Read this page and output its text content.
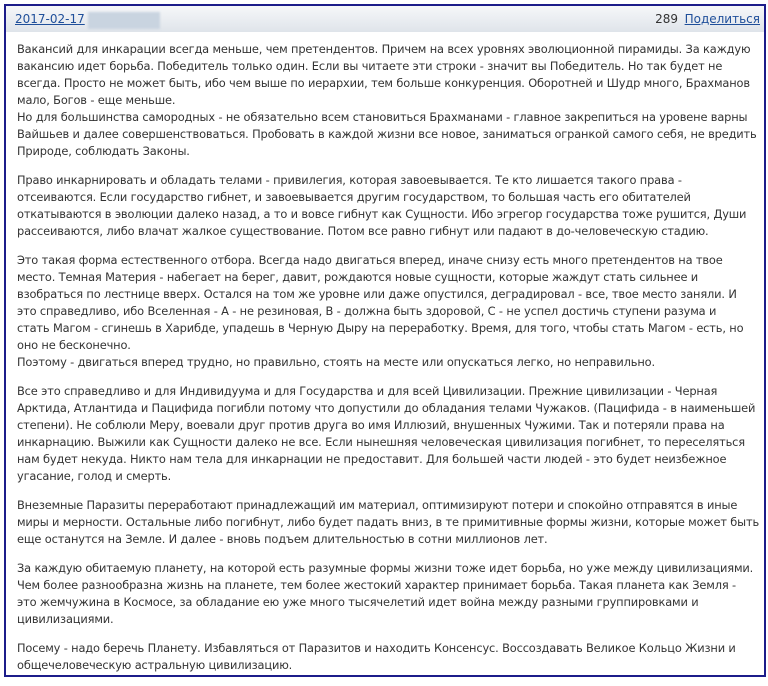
2017-02-17	289 Поделиться
Вакансий для инкарации всегда меньше, чем претендентов. Причем на всех уровнях эволюционной пирамиды. За каждую
вакансию идет борьба. Победитель только один. Если вы читаете эти строки - значит вы Победитель. Но так будет не
всегда. Просто не может быть, ибо чем выше по иерархии, тем больше конкуренция. Оборотней и Шудр много, Брахманов
мало, Богов - еще меньше.
Но для большинства самородных - не обязательно всем становиться Брахманами - главное закрепиться на уровене варны
Вайшьев и далее совершенствоваться. Пробовать в каждой жизни все новое, заниматься огранкой самого себя, не вредить
Природе, соблюдать Законы.
Право инкарнировать и обладать телами - привилегия, которая завоевывается. Те кто лишается такого права -
отсеиваются. Если государство гибнет, и завоевывается другим государством, то большая часть его обитателей
откатываются в эволюции далеко назад, а то и вовсе гибнут как Сущности. Ибо эгрегор государства тоже рушится, Души
рассеиваются, либо влачат жалкое существование. Потом все равно гибнут или падают в до-человеческую стадию.
Это такая форма естественного отбора. Всегда надо двигаться вперед, иначе снизу есть много претендентов на твое
место. Темная Материя - набегает на берег, давит, рождаются новые сущности, которые жаждут стать сильнее и
взобраться по лестнице вверх. Остался на том же уровне или даже опустился, деградировал - все, твое место заняли. И
это справедливо, ибо Вселенная - А - не резиновая, В - должна быть здоровой, С - не успел достичь ступени разума и
стать Магом - сгинешь в Харибде, упадешь в Черную Дыру на переработку. Время, для того, чтобы стать Магом - есть, но
оно не бесконечно.
Поэтому - двигаться вперед трудно, но правильно, стоять на месте или опускаться легко, но неправильно.
Все это справедливо и для Индивидуума и для Государства и для всей Цивилизации. Прежние цивилизации - Черная
Арктида, Атлантида и Пацифида погибли потому что допустили до обладания телами Чужаков. (Пацифида - в наименьшей
степени). Не соблюли Меру, воевали друг против друга во имя Иллюзий, внушенных Чужими. Так и потеряли права на
инкарнацию. Выжили как Сущности далеко не все. Если нынешняя человеческая цивилизация погибнет, то переселяться
нам будет некуда. Никто нам тела для инкарнации не предоставит. Для большей части людей - это будет неизбежное
угасание, голод и смерть.
Внеземные Паразиты переработают принадлежащий им материал, оптимизируют потери и спокойно отправятся в иные
миры и мерности. Остальные либо погибнут, либо будет падать вниз, в те примитивные формы жизни, которые может быть
еще останутся на Земле. И далее - вновь подъем длительностью в сотни миллионов лет.
За каждую обитаемую планету, на которой есть разумные формы жизни тоже идет борьба, но уже между цивилизациями.
Чем более разнообразна жизнь на планете, тем более жестокий характер принимает борьба. Такая планета как Земля -
это жемчужина в Космосе, за обладание ею уже много тысячелетий идет война между разными группировками и
цивилизациями.
Посему - надо беречь Планету. Избавляться от Паразитов и находить Консенсус. Воссоздавать Великое Кольцо Жизни и
общечеловеческую астральную цивилизацию.
